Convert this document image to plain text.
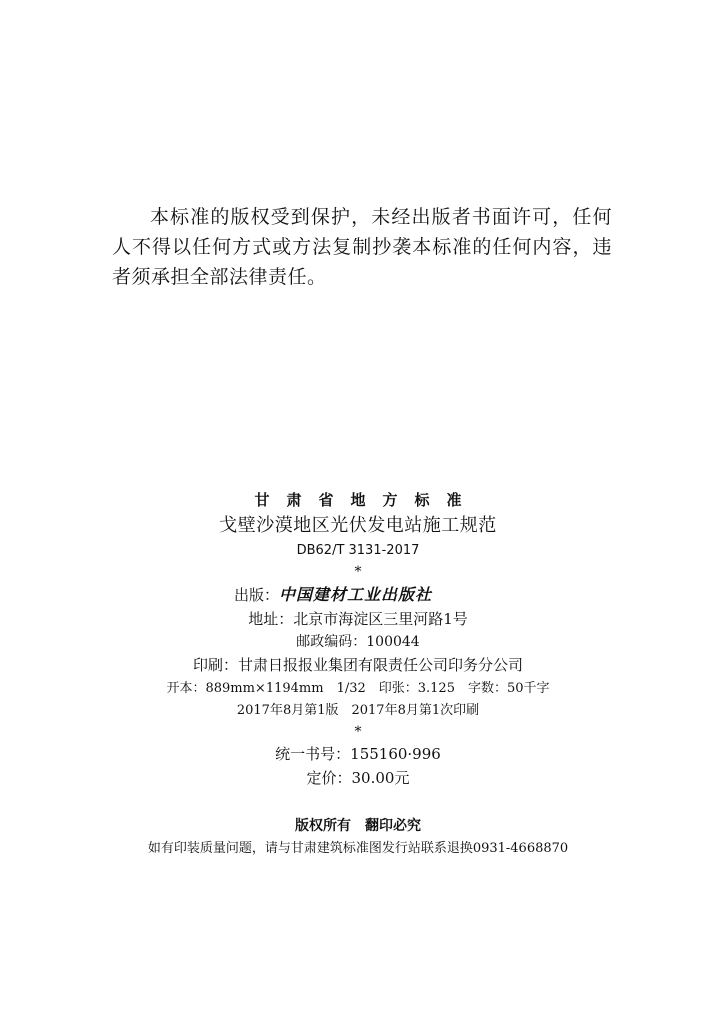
本标准的版权受到保护，未经出版者书面许可，任何人不得以任何方式或方法复制抄袭本标准的任何内容，违者须承担全部法律责任。

甘肃省地方标准
戈壁沙漠地区光伏发电站施工规范
DB62/T 3131-2017
*
出版：中国建材工业出版社
地址：北京市海淀区三里河路1号
邮政编码：100044
印刷：甘肃日报报业集团有限责任公司印务分公司
开本：889mm×1194mm　1/32　印张：3.125　字数：50千字
2017年8月第1版　2017年8月第1次印刷
*
统一书号：155160·996
定价：30.00元
版权所有　翻印必究
如有印装质量问题，请与甘肃建筑标准图发行站联系退换0931-4668870
